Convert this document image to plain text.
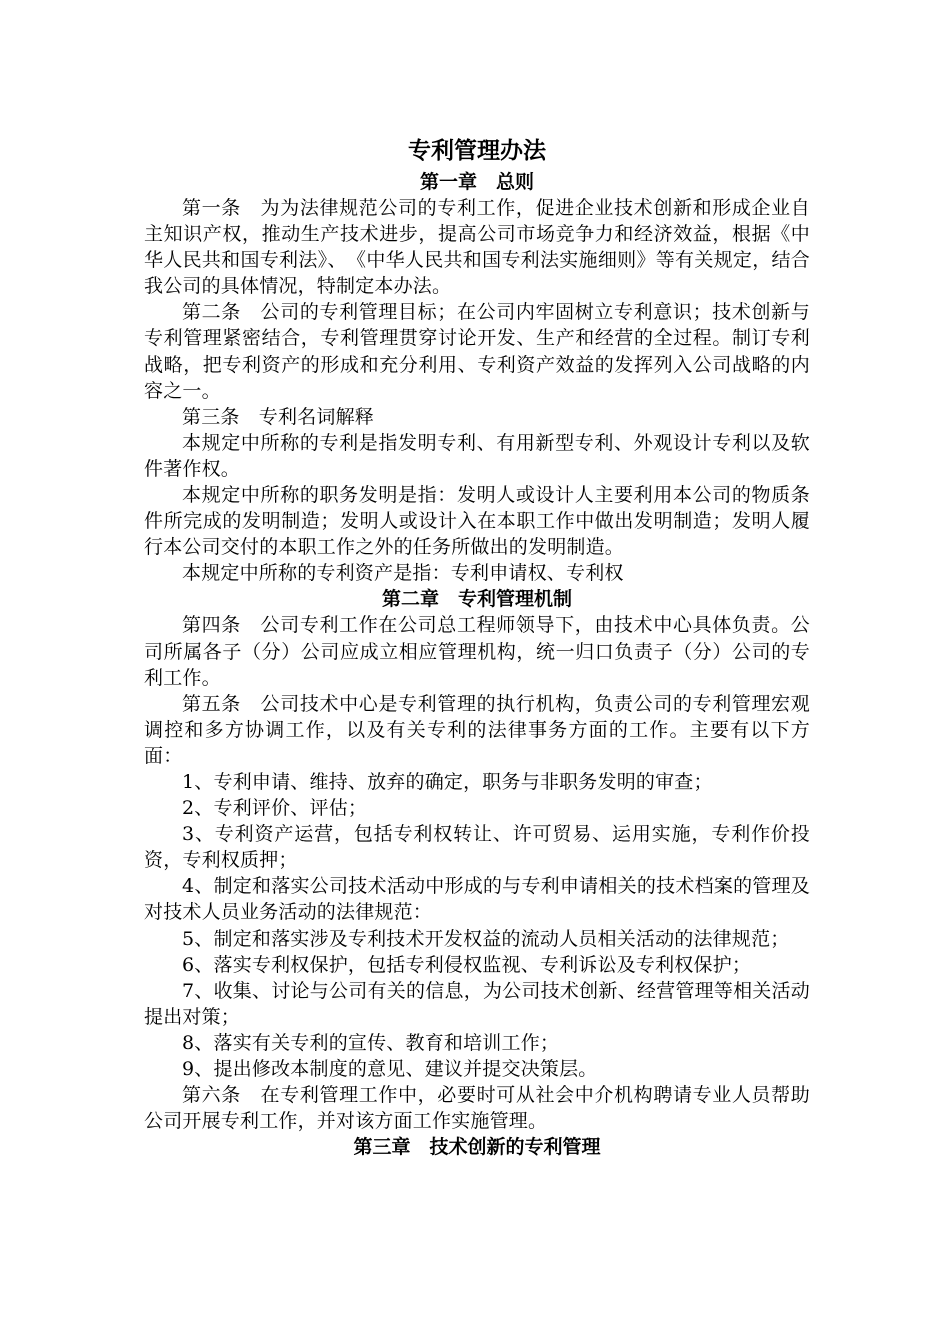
专利管理办法
第一章　总则

第一条　为为法律规范公司的专利工作，促进企业技术创新和形成企业自主知识产权，推动生产技术进步，提高公司市场竞争力和经济效益，根据《中华人民共和国专利法》、　《中华人民共和国专利法实施细则》等有关规定，结合我公司的具体情况，特制定本办法。

第二条　公司的专利管理目标；在公司内牢固树立专利意识；技术创新与专利管理紧密结合，专利管理贯穿讨论开发、生产和经营的全过程。制订专利战略，把专利资产的形成和充分利用、专利资产效益的发挥列入公司战略的内容之一。

第三条　专利名词解释

本规定中所称的专利是指发明专利、有用新型专利、外观设计专利以及软件著作权。

本规定中所称的职务发明是指：发明人或设计人主要利用本公司的物质条件所完成的发明制造；发明人或设计入在本职工作中做出发明制造；发明人履行本公司交付的本职工作之外的任务所做出的发明制造。

本规定中所称的专利资产是指：专利申请权、专利权

第二章　专利管理机制

第四条　公司专利工作在公司总工程师领导下，由技术中心具体负责。公司所属各子（分）公司应成立相应管理机构，统一归口负责子（分）公司的专利工作。

第五条　公司技术中心是专利管理的执行机构，负责公司的专利管理宏观调控和多方协调工作，以及有关专利的法律事务方面的工作。主要有以下方面：

1、专利申请、维持、放弃的确定，职务与非职务发明的审查；

2、专利评价、评估；

3、专利资产运营，包括专利权转让、许可贸易、运用实施，专利作价投资，专利权质押；

4、制定和落实公司技术活动中形成的与专利申请相关的技术档案的管理及对技术人员业务活动的法律规范：

5、制定和落实涉及专利技术开发权益的流动人员相关活动的法律规范；

6、落实专利权保护，包括专利侵权监视、专利诉讼及专利权保护；

7、收集、讨论与公司有关的信息，为公司技术创新、经营管理等相关活动提出对策；

8、落实有关专利的宣传、教育和培训工作；

9、提出修改本制度的意见、建议并提交决策层。

第六条　在专利管理工作中，必要时可从社会中介机构聘请专业人员帮助公司开展专利工作，并对该方面工作实施管理。

第三章　技术创新的专利管理
